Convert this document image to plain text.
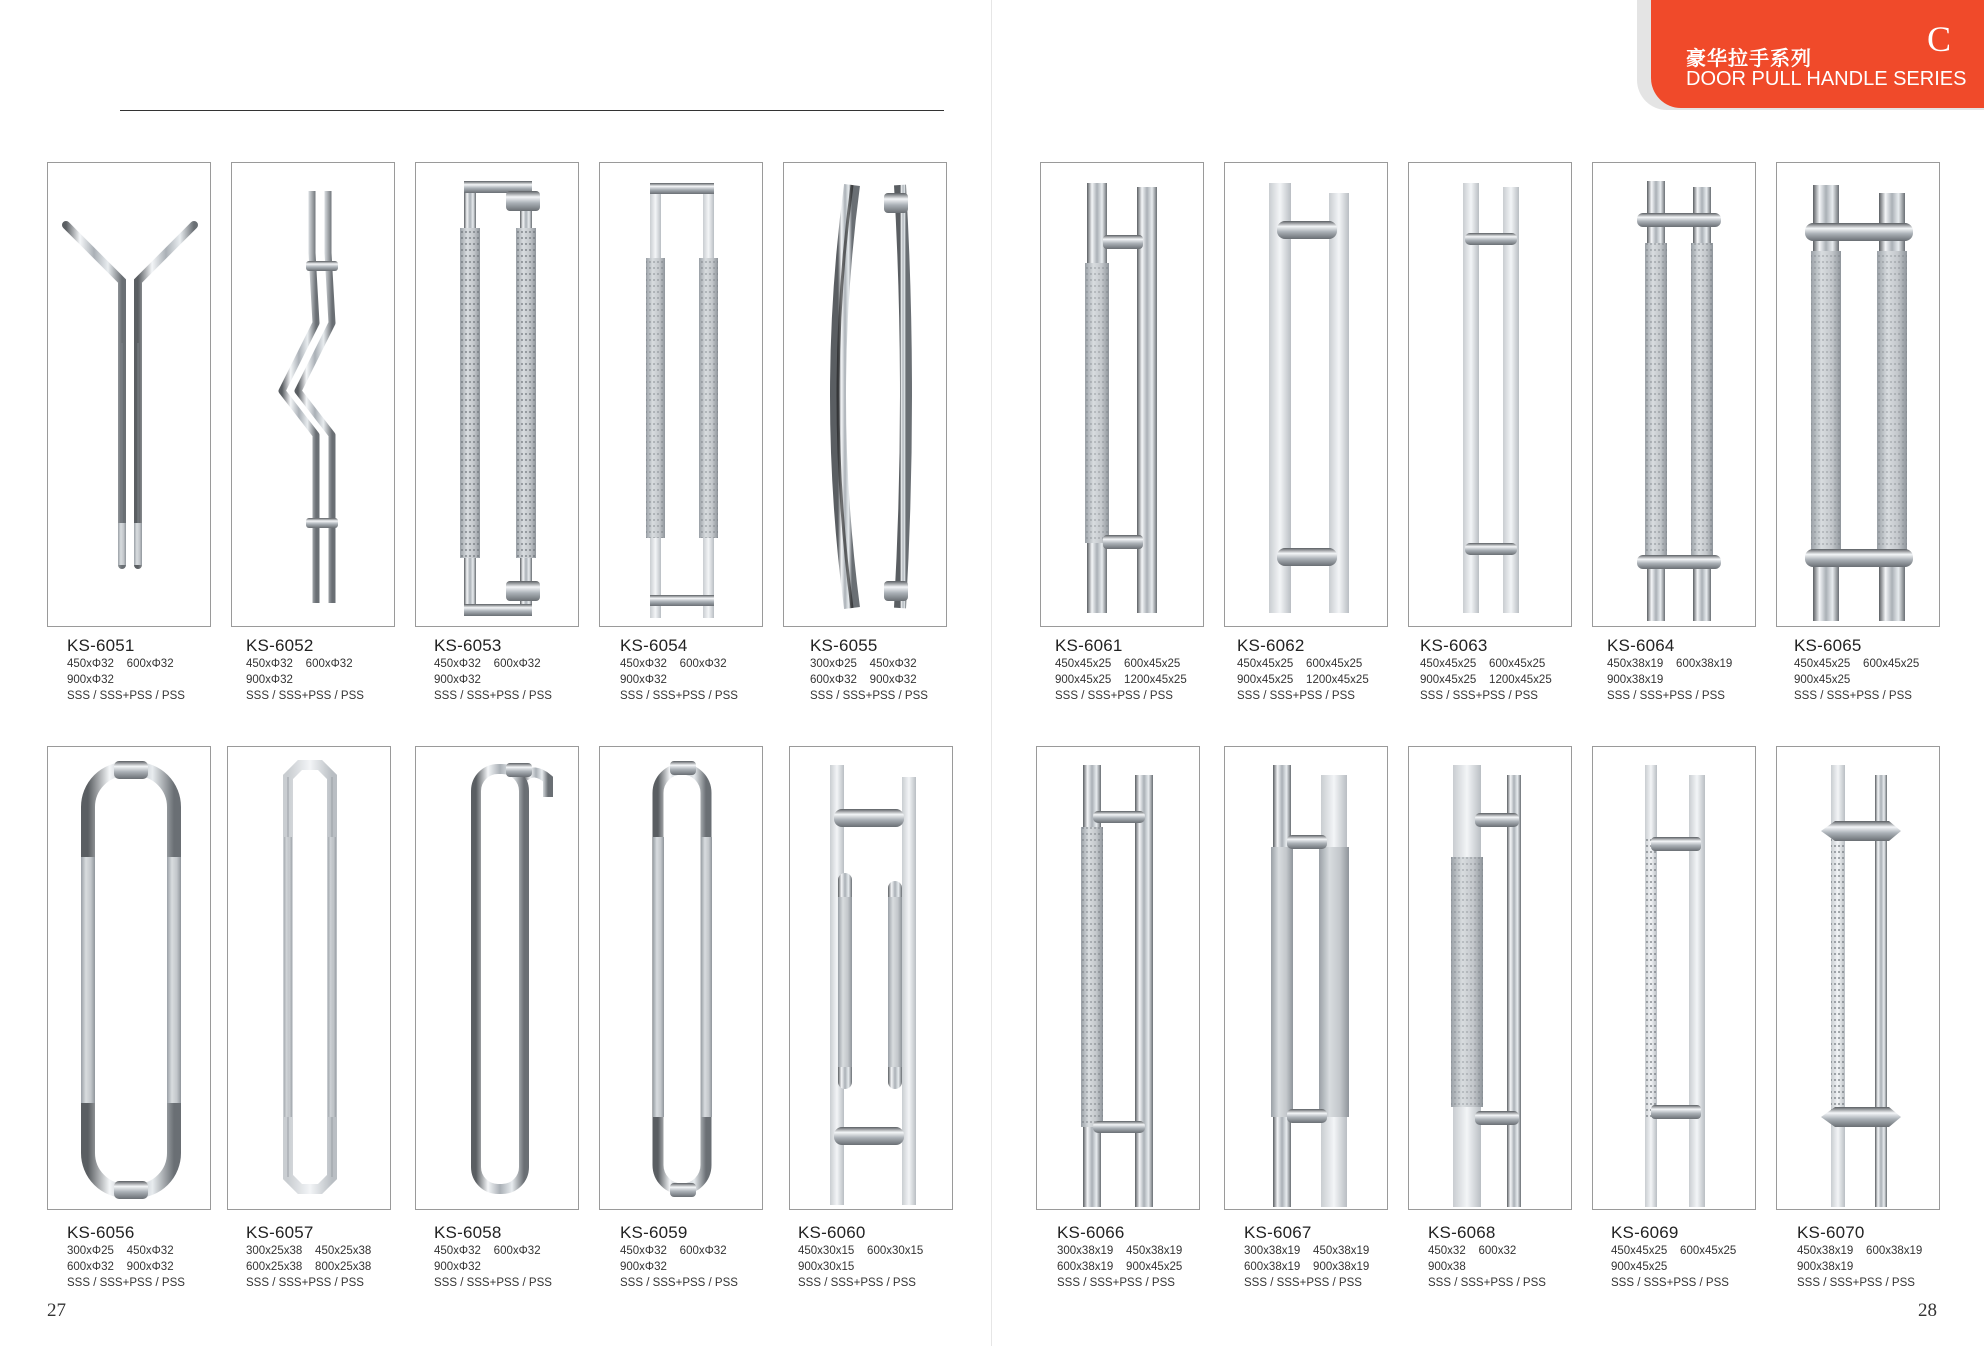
豪华拉手系列
DOOR PULL HANDLE SERIES
C
KS-6051
450xΦ32    600xΦ32
900xΦ32
SSS / SSS+PSS / PSS
KS-6052
450xΦ32    600xΦ32
900xΦ32
SSS / SSS+PSS / PSS
KS-6053
450xΦ32    600xΦ32
900xΦ32
SSS / SSS+PSS / PSS
KS-6054
450xΦ32    600xΦ32
900xΦ32
SSS / SSS+PSS / PSS
KS-6055
300xΦ25    450xΦ32
600xΦ32    900xΦ32
SSS / SSS+PSS / PSS
KS-6061
450x45x25    600x45x25
900x45x25    1200x45x25
SSS / SSS+PSS / PSS
KS-6062
450x45x25    600x45x25
900x45x25    1200x45x25
SSS / SSS+PSS / PSS
KS-6063
450x45x25    600x45x25
900x45x25    1200x45x25
SSS / SSS+PSS / PSS
KS-6064
450x38x19    600x38x19
900x38x19
SSS / SSS+PSS / PSS
KS-6065
450x45x25    600x45x25
900x45x25
SSS / SSS+PSS / PSS
KS-6056
300xΦ25    450xΦ32
600xΦ32    900xΦ32
SSS / SSS+PSS / PSS
KS-6057
300x25x38    450x25x38
600x25x38    800x25x38
SSS / SSS+PSS / PSS
KS-6058
450xΦ32    600xΦ32
900xΦ32
SSS / SSS+PSS / PSS
KS-6059
450xΦ32    600xΦ32
900xΦ32
SSS / SSS+PSS / PSS
KS-6060
450x30x15    600x30x15
900x30x15
SSS / SSS+PSS / PSS
KS-6066
300x38x19    450x38x19
600x38x19    900x45x25
SSS / SSS+PSS / PSS
KS-6067
300x38x19    450x38x19
600x38x19    900x38x19
SSS / SSS+PSS / PSS
KS-6068
450x32    600x32
900x38
SSS / SSS+PSS / PSS
KS-6069
450x45x25    600x45x25
900x45x25
SSS / SSS+PSS / PSS
KS-6070
450x38x19    600x38x19
900x38x19
SSS / SSS+PSS / PSS
27	28
